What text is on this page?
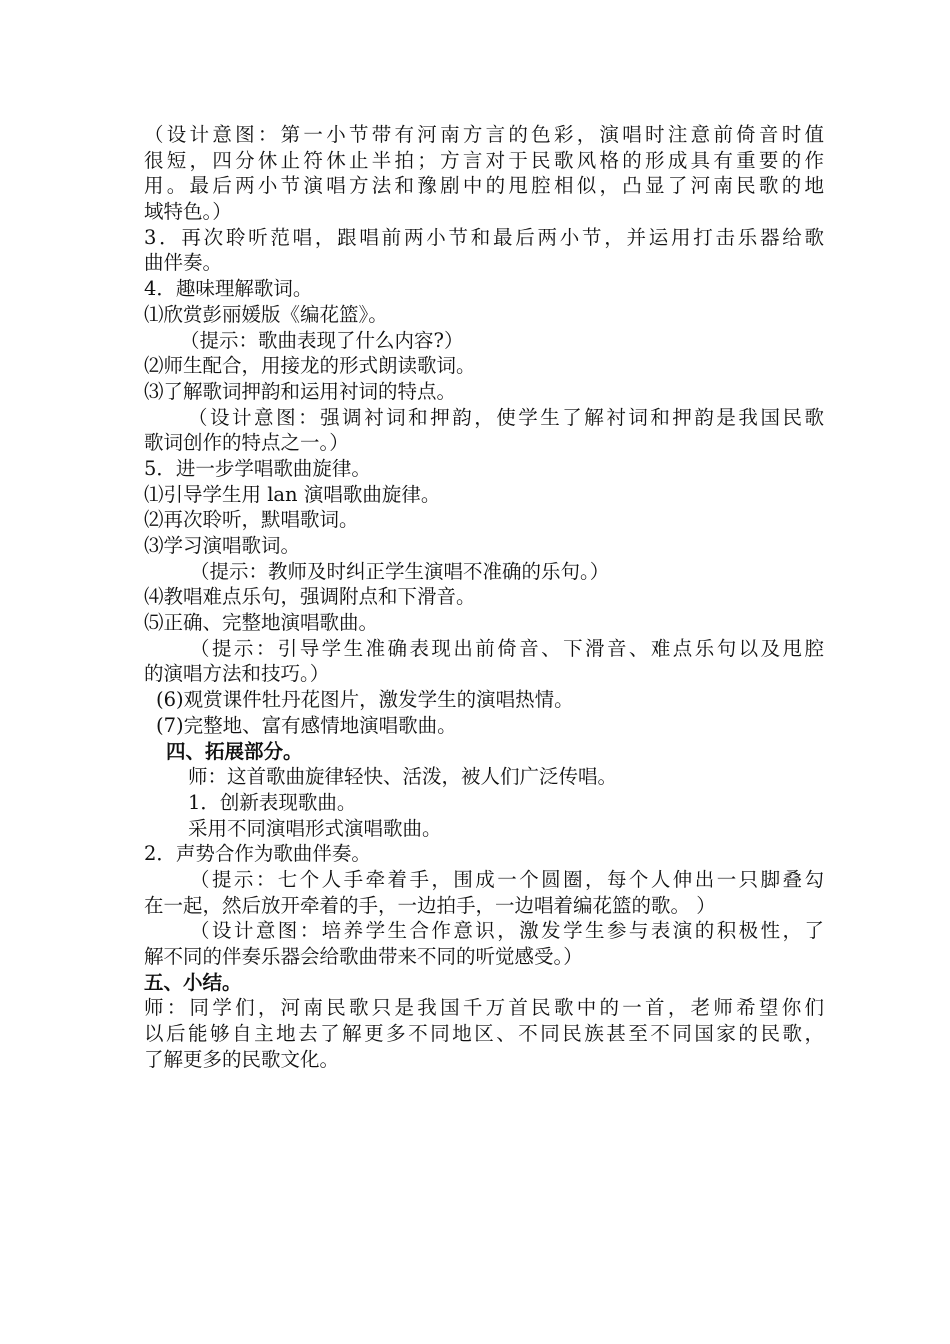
（设计意图：第一小节带有河南方言的色彩，演唱时注意前倚音时值
很短，四分休止符休止半拍；方言对于民歌风格的形成具有重要的作
用。最后两小节演唱方法和豫剧中的甩腔相似，凸显了河南民歌的地
域特色。）
3．再次聆听范唱，跟唱前两小节和最后两小节，并运用打击乐器给歌
曲伴奏。
4．趣味理解歌词。
⑴欣赏彭丽媛版《编花篮》。
（提示：歌曲表现了什么内容?）
⑵师生配合，用接龙的形式朗读歌词。
⑶了解歌词押韵和运用衬词的特点。
（设计意图：强调衬词和押韵，使学生了解衬词和押韵是我国民歌
歌词创作的特点之一。）
5．进一步学唱歌曲旋律。
⑴引导学生用 lan 演唱歌曲旋律。
⑵再次聆听，默唱歌词。
⑶学习演唱歌词。
（提示：教师及时纠正学生演唱不准确的乐句。）
⑷教唱难点乐句，强调附点和下滑音。
⑸正确、完整地演唱歌曲。
（提示：引导学生准确表现出前倚音、下滑音、难点乐句以及甩腔
的演唱方法和技巧。）
(6)观赏课件牡丹花图片，激发学生的演唱热情。
(7)完整地、富有感情地演唱歌曲。
四、拓展部分。
师：这首歌曲旋律轻快、活泼，被人们广泛传唱。
1．创新表现歌曲。
采用不同演唱形式演唱歌曲。
2．声势合作为歌曲伴奏。
（提示：七个人手牵着手，围成一个圆圈，每个人伸出一只脚叠勾
在一起，然后放开牵着的手，一边拍手，一边唱着编花篮的歌。 ）
（设计意图：培养学生合作意识，激发学生参与表演的积极性，了
解不同的伴奏乐器会给歌曲带来不同的听觉感受。）
五、小结。
师：同学们，河南民歌只是我国千万首民歌中的一首，老师希望你们
以后能够自主地去了解更多不同地区、不同民族甚至不同国家的民歌，
了解更多的民歌文化。
